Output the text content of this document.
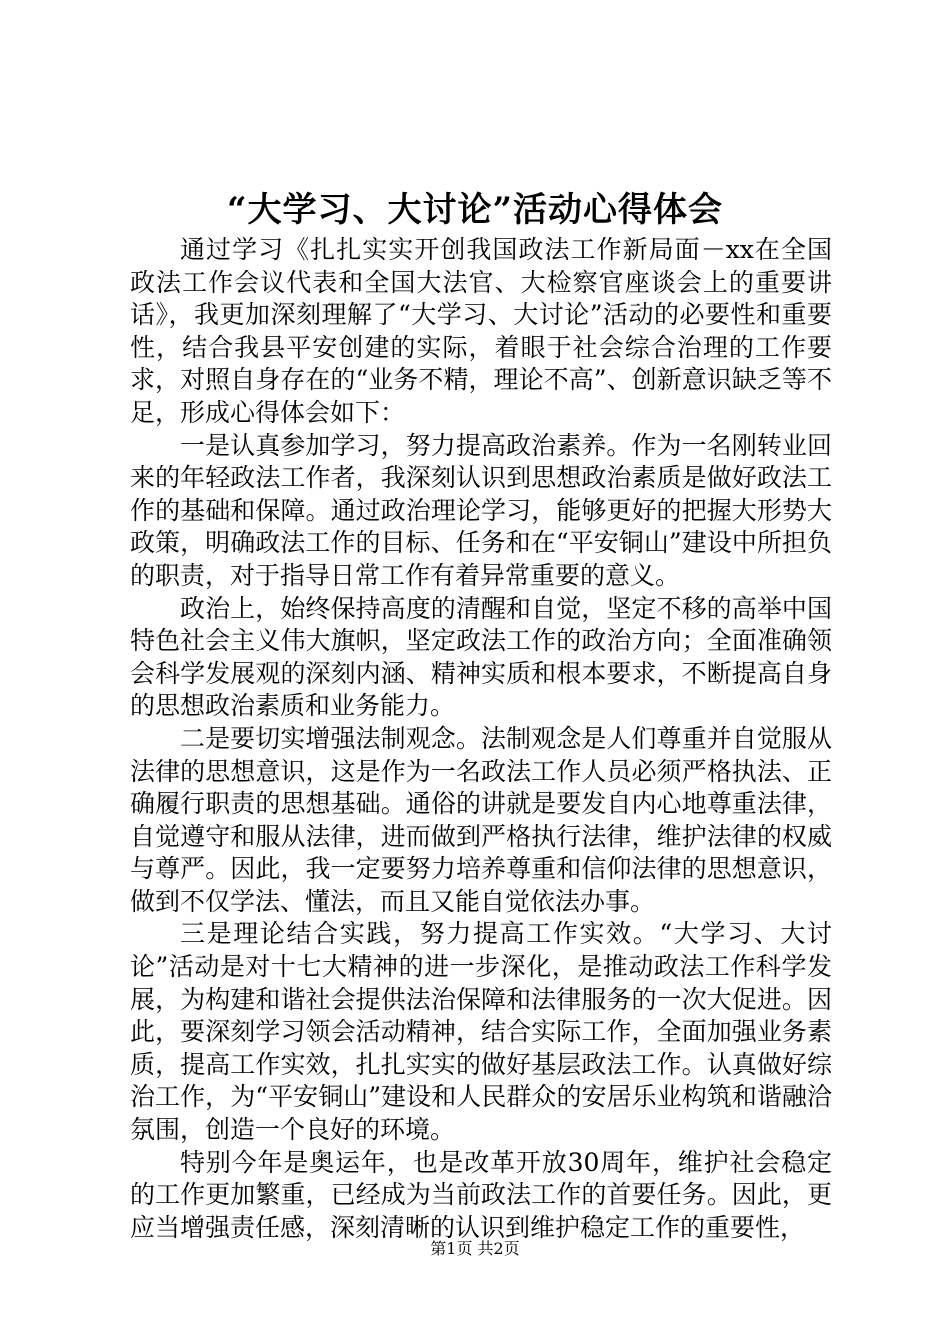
“大学习、大讨论”活动心得体会

通过学习《扎扎实实开创我国政法工作新局面－xx在全国政法工作会议代表和全国大法官、大检察官座谈会上的重要讲话》，我更加深刻理解了“大学习、大讨论”活动的必要性和重要性，结合我县平安创建的实际，着眼于社会综合治理的工作要求，对照自身存在的“业务不精，理论不高”、创新意识缺乏等不足，形成心得体会如下：

一是认真参加学习，努力提高政治素养。作为一名刚转业回来的年轻政法工作者，我深刻认识到思想政治素质是做好政法工作的基础和保障。通过政治理论学习，能够更好的把握大形势大政策，明确政法工作的目标、任务和在“平安铜山”建设中所担负的职责，对于指导日常工作有着异常重要的意义。

政治上，始终保持高度的清醒和自觉，坚定不移的高举中国特色社会主义伟大旗帜，坚定政法工作的政治方向；全面准确领会科学发展观的深刻内涵、精神实质和根本要求，不断提高自身的思想政治素质和业务能力。

二是要切实增强法制观念。法制观念是人们尊重并自觉服从法律的思想意识，这是作为一名政法工作人员必须严格执法、正确履行职责的思想基础。通俗的讲就是要发自内心地尊重法律，自觉遵守和服从法律，进而做到严格执行法律，维护法律的权威与尊严。因此，我一定要努力培养尊重和信仰法律的思想意识，做到不仅学法、懂法，而且又能自觉依法办事。

三是理论结合实践，努力提高工作实效。“大学习、大讨论”活动是对十七大精神的进一步深化，是推动政法工作科学发展，为构建和谐社会提供法治保障和法律服务的一次大促进。因此，要深刻学习领会活动精神，结合实际工作，全面加强业务素质，提高工作实效，扎扎实实的做好基层政法工作。认真做好综治工作，为“平安铜山”建设和人民群众的安居乐业构筑和谐融洽氛围，创造一个良好的环境。

特别今年是奥运年，也是改革开放30周年，维护社会稳定的工作更加繁重，已经成为当前政法工作的首要任务。因此，更应当增强责任感，深刻清晰的认识到维护稳定工作的重要性，

第1页 共2页
